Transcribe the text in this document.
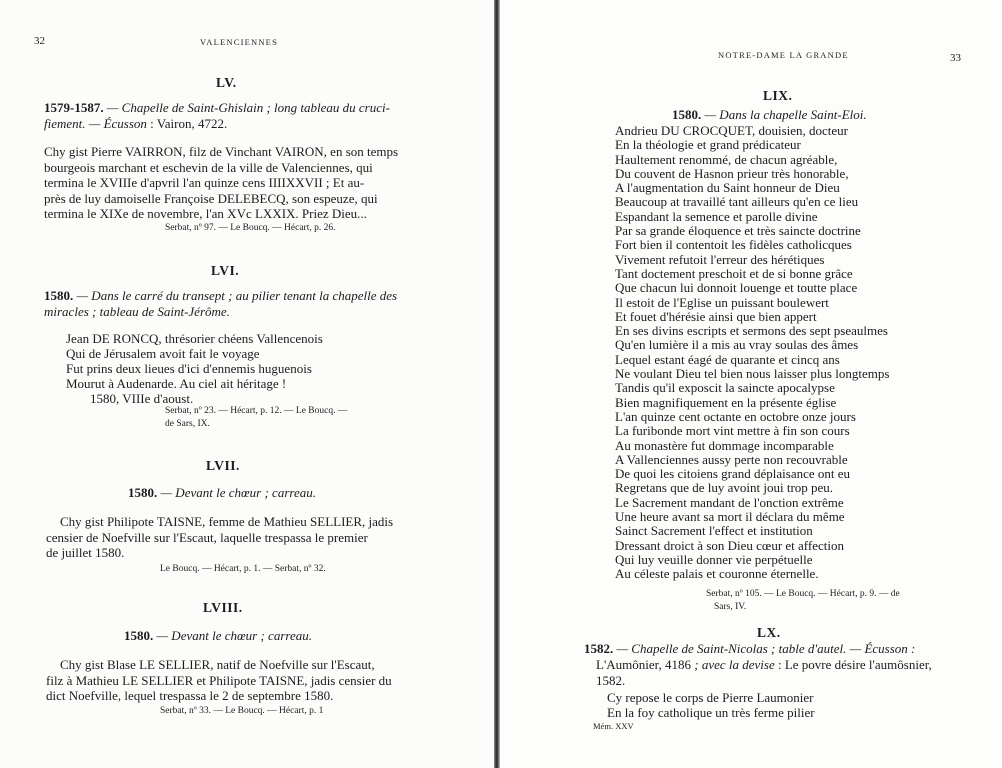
32	VALENCIENNES
LV.
1579-1587. — Chapelle de Saint-Ghislain ; long tableau du cruci-
fiement. — Écusson : Vairon, 4722.
Chy gist Pierre VAIRRON, filz de Vinchant VAIRON, en son temps
bourgeois marchant et eschevin de la ville de Valenciennes, qui
termina le XVIIIe d'apvril l'an quinze cens IIIIXXVII ; Et au-
près de luy damoiselle Françoise DELEBECQ, son espeuze, qui
termina le XIXe de novembre, l'an XVc LXXIX. Priez Dieu...
Serbat, nº 97. — Le Boucq. — Hécart, p. 26.
LVI.
1580. — Dans le carré du transept ; au pilier tenant la chapelle des
miracles ; tableau de Saint-Jérôme.
Jean DE RONCQ, thrésorier chéens Vallencenois
Qui de Jérusalem avoit fait le voyage
Fut prins deux lieues d'ici d'ennemis huguenois
Mourut à Audenarde. Au ciel ait héritage !
1580, VIIIe d'aoust.
Serbat, nº 23. — Hécart, p. 12. — Le Boucq. —
de Sars, IX.
LVII.
1580. — Devant le chœur ; carreau.
Chy gist Philipote TAISNE, femme de Mathieu SELLIER, jadis
censier de Noefville sur l'Escaut, laquelle trespassa le premier
de juillet 1580.
Le Boucq. — Hécart, p. 1. — Serbat, nº 32.
LVIII.
1580. — Devant le chœur ; carreau.
Chy gist Blase LE SELLIER, natif de Noefville sur l'Escaut,
filz à Mathieu LE SELLIER et Philipote TAISNE, jadis censier du
dict Noefville, lequel trespassa le 2 de septembre 1580.
Serbat, nº 33. — Le Boucq. — Hécart, p. 1
NOTRE-DAME LA GRANDE	33
LIX.
1580. — Dans la chapelle Saint-Eloi.
Andrieu DU CROCQUET, douisien, docteur
En la théologie et grand prédicateur
Haultement renommé, de chacun agréable,
Du couvent de Hasnon prieur très honorable,
A l'augmentation du Saint honneur de Dieu
Beaucoup at travaillé tant ailleurs qu'en ce lieu
Espandant la semence et parolle divine
Par sa grande éloquence et très saincte doctrine
Fort bien il contentoit les fidèles catholicques
Vivement refutoit l'erreur des hérétiques
Tant doctement preschoit et de si bonne grâce
Que chacun lui donnoit louenge et toutte place
Il estoit de l'Eglise un puissant boulewert
Et fouet d'hérésie ainsi que bien appert
En ses divins escripts et sermons des sept pseaulmes
Qu'en lumière il a mis au vray soulas des âmes
Lequel estant éagé de quarante et cincq ans
Ne voulant Dieu tel bien nous laisser plus longtemps
Tandis qu'il exposcit la saincte apocalypse
Bien magnifiquement en la présente église
L'an quinze cent octante en octobre onze jours
La furibonde mort vint mettre à fin son cours
Au monastère fut dommage incomparable
A Vallenciennes aussy perte non recouvrable
De quoi les citoiens grand déplaisance ont eu
Regretans que de luy avoint joui trop peu.
Le Sacrement mandant de l'onction extrême
Une heure avant sa mort il déclara du même
Sainct Sacrement l'effect et institution
Dressant droict à son Dieu cœur et affection
Qui luy veuille donner vie perpétuelle
Au céleste palais et couronne éternelle.
Serbat, nº 105. — Le Boucq. — Hécart, p. 9. — de
Sars, IV.
LX.
1582. — Chapelle de Saint-Nicolas ; table d'autel. — Écusson :
L'Aumônier, 4186 ; avec la devise : Le povre désire l'aumôsnier,
1582.
Cy repose le corps de Pierre Laumonier
En la foy catholique un très ferme pilier
Mém. XXV
